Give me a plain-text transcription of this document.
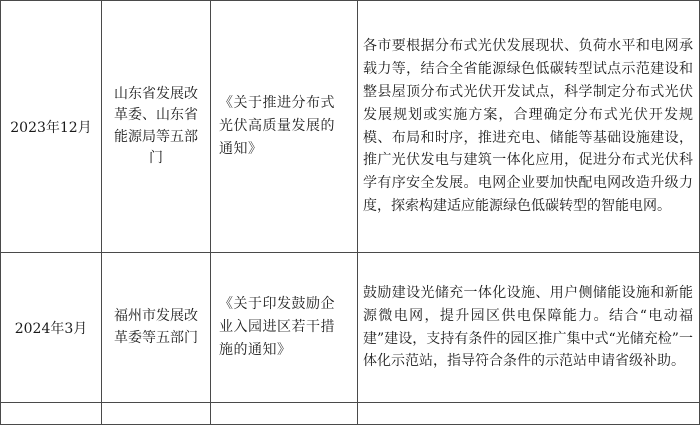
2023年12月	山东省发展改革委、山东省能源局等五部门	《关于推进分布式光伏高质量发展的通知》	各市要根据分布式光伏发展现状、负荷水平和电网承载力等，结合全省能源绿色低碳转型试点示范建设和整县屋顶分布式光伏开发试点，科学制定分布式光伏发展规划或实施方案，合理确定分布式光伏开发规模、布局和时序，推进充电、储能等基础设施建设，推广光伏发电与建筑一体化应用，促进分布式光伏科学有序安全发展。电网企业要加快配电网改造升级力度，探索构建适应能源绿色低碳转型的智能电网。

2024年3月	福州市发展改革委等五部门	《关于印发鼓励企业入园进区若干措施的通知》	鼓励建设光储充一体化设施、用户侧储能设施和新能源微电网，提升园区供电保障能力。结合“电动福建”建设，支持有条件的园区推广集中式“光储充检”一体化示范站，指导符合条件的示范站申请省级补助。
